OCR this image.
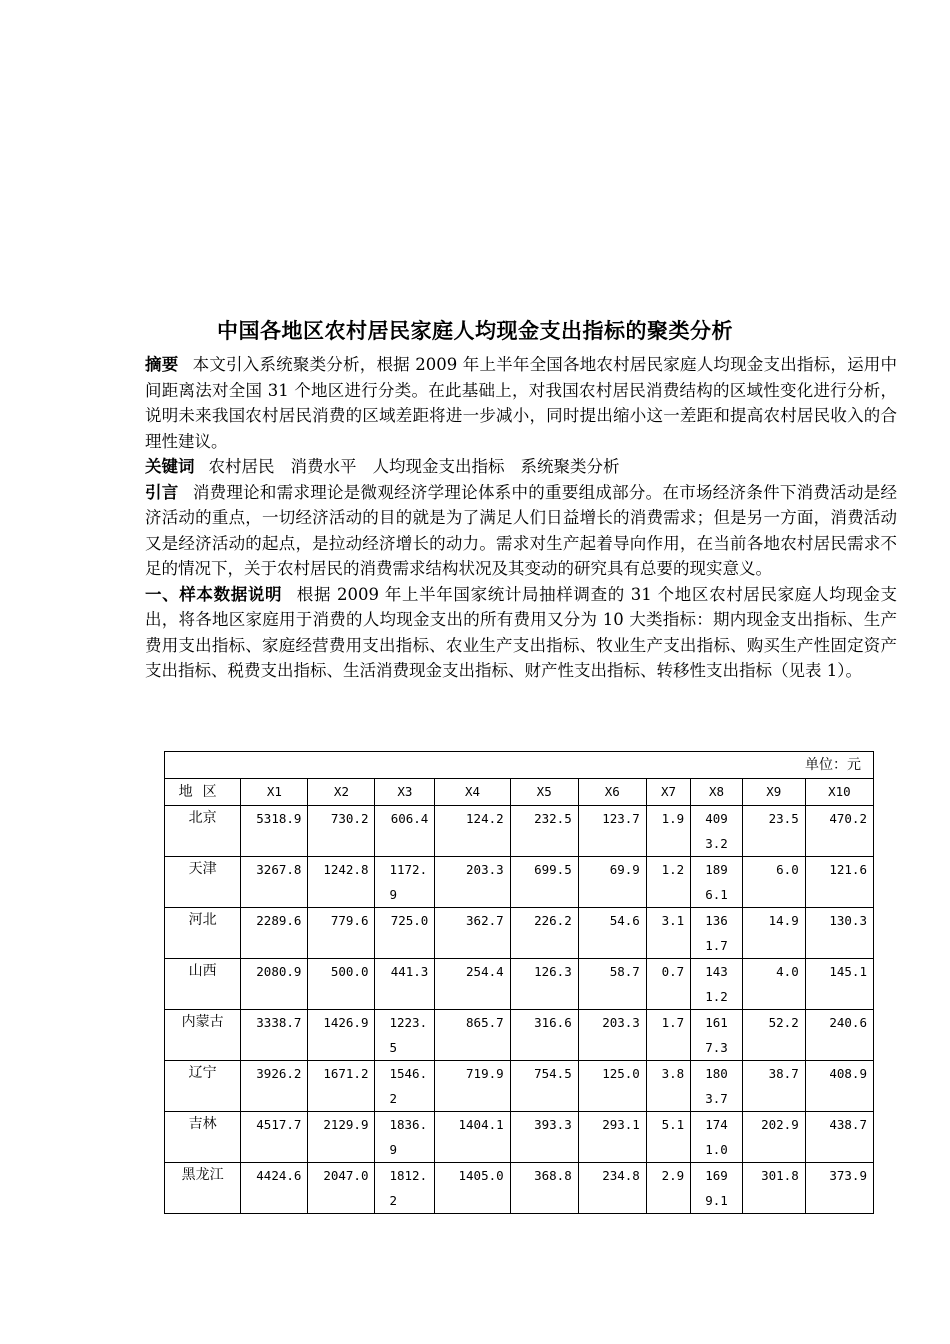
中国各地区农村居民家庭人均现金支出指标的聚类分析

摘要 本文引入系统聚类分析，根据 2009 年上半年全国各地农村居民家庭人均现金支出指标，运用中间距离法对全国 31 个地区进行分类。在此基础上，对我国农村居民消费结构的区域性变化进行分析，说明未来我国农村居民消费的区域差距将进一步减小，同时提出缩小这一差距和提高农村居民收入的合理性建议。

关键词 农村居民 消费水平 人均现金支出指标 系统聚类分析

引言 消费理论和需求理论是微观经济学理论体系中的重要组成部分。在市场经济条件下消费活动是经济活动的重点，一切经济活动的目的就是为了满足人们日益增长的消费需求；但是另一方面，消费活动又是经济活动的起点，是拉动经济增长的动力。需求对生产起着导向作用，在当前各地农村居民需求不足的情况下，关于农村居民的消费需求结构状况及其变动的研究具有总要的现实意义。

一、样本数据说明 根据 2009 年上半年国家统计局抽样调查的 31 个地区农村居民家庭人均现金支出，将各地区家庭用于消费的人均现金支出的所有费用又分为 10 大类指标：期内现金支出指标、生产费用支出指标、家庭经营费用支出指标、农业生产支出指标、牧业生产支出指标、购买生产性固定资产支出指标、税费支出指标、生活消费现金支出指标、财产性支出指标、转移性支出指标（见表 1）。

单位：元										
地区	X1	X2	X3	X4	X5	X6	X7	X8	X9	X10
北京	5318.9	730.2	606.4	124.2	232.5	123.7	1.9	4093.2	23.5	470.2
天津	3267.8	1242.8	1172.9	203.3	699.5	69.9	1.2	1896.1	6.0	121.6
河北	2289.6	779.6	725.0	362.7	226.2	54.6	3.1	1361.7	14.9	130.3
山西	2080.9	500.0	441.3	254.4	126.3	58.7	0.7	1431.2	4.0	145.1
内蒙古	3338.7	1426.9	1223.5	865.7	316.6	203.3	1.7	1617.3	52.2	240.6
辽宁	3926.2	1671.2	1546.2	719.9	754.5	125.0	3.8	1803.7	38.7	408.9
吉林	4517.7	2129.9	1836.9	1404.1	393.3	293.1	5.1	1741.0	202.9	438.7
黑龙江	4424.6	2047.0	1812.2	1405.0	368.8	234.8	2.9	1699.1	301.8	373.9
